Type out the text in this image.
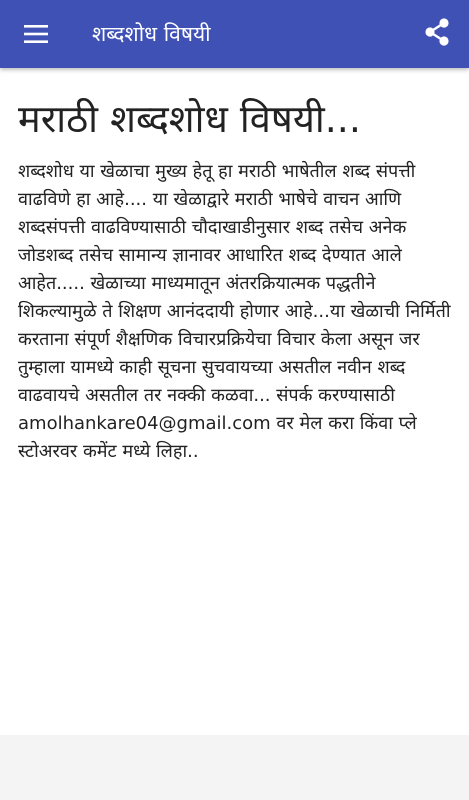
शब्दशोध विषयी
मराठी शब्दशोध विषयी...

शब्दशोध या खेळाचा मुख्य हेतू हा मराठी भाषेतील शब्द संपत्ती वाढविणे हा आहे.... या खेळाद्वारे मराठी भाषेचे वाचन आणि शब्दसंपत्ती वाढविण्यासाठी चौदाखाडीनुसार शब्द तसेच अनेक जोडशब्द तसेच सामान्य ज्ञानावर आधारित शब्द देण्यात आले आहेत..... खेळाच्या माध्यमातून अंतरक्रियात्मक पद्धतीने शिकल्यामुळे ते शिक्षण आनंददायी होणार आहे...या खेळाची निर्मिती करताना संपूर्ण शैक्षणिक विचारप्रक्रियेचा विचार केला असून जर तुम्हाला यामध्ये काही सूचना सुचवायच्या असतील नवीन शब्द वाढवायचे असतील तर नक्की कळवा... संपर्क करण्यासाठी amolhankare04@gmail.com वर मेल करा किंवा प्ले स्टोअरवर कमेंट मध्ये लिहा..
